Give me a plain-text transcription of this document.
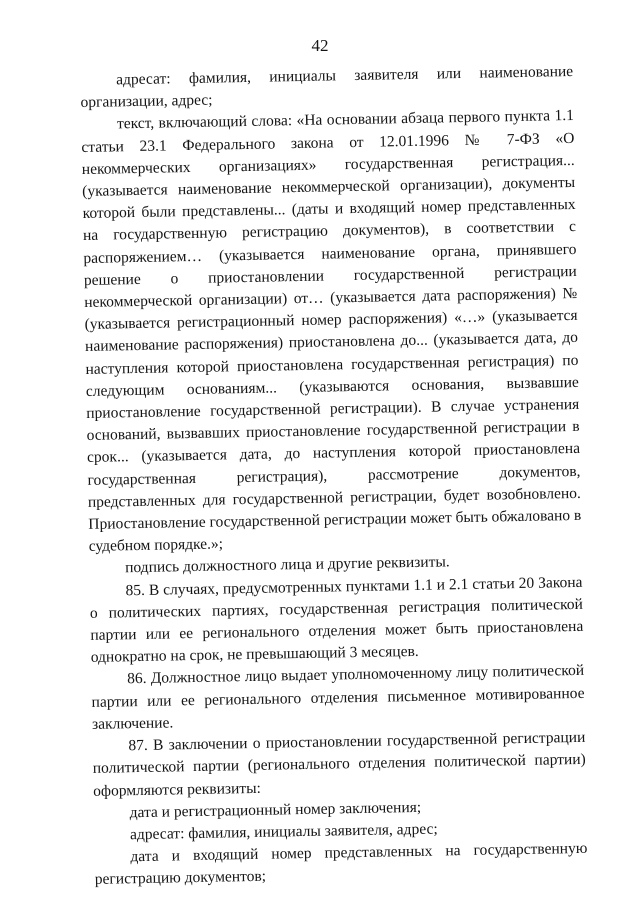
42

адресат: фамилия, инициалы заявителя или наименование организации, адрес;

текст, включающий слова: «На основании абзаца первого пункта 1.1 статьи 23.1 Федерального закона от 12.01.1996 № 7-ФЗ «О некоммерческих организациях» государственная регистрация... (указывается наименование некоммерческой организации), документы которой были представлены... (даты и входящий номер представленных на государственную регистрацию документов), в соответствии с распоряжением… (указывается наименование органа, принявшего решение о приостановлении государственной регистрации некоммерческой организации) от… (указывается дата распоряжения) № (указывается регистрационный номер распоряжения) «…» (указывается наименование распоряжения) приостановлена до... (указывается дата, до наступления которой приостановлена государственная регистрация) по следующим основаниям... (указываются основания, вызвавшие приостановление государственной регистрации). В случае устранения оснований, вызвавших приостановление государственной регистрации в срок... (указывается дата, до наступления которой приостановлена государственная регистрация), рассмотрение документов, представленных для государственной регистрации, будет возобновлено. Приостановление государственной регистрации может быть обжаловано в судебном порядке.»;

подпись должностного лица и другие реквизиты.

85. В случаях, предусмотренных пунктами 1.1 и 2.1 статьи 20 Закона о политических партиях, государственная регистрация политической партии или ее регионального отделения может быть приостановлена однократно на срок, не превышающий 3 месяцев.

86. Должностное лицо выдает уполномоченному лицу политической партии или ее регионального отделения письменное мотивированное заключение.

87. В заключении о приостановлении государственной регистрации политической партии (регионального отделения политической партии) оформляются реквизиты:

дата и регистрационный номер заключения;

адресат: фамилия, инициалы заявителя, адрес;

дата и входящий номер представленных на государственную регистрацию документов;
